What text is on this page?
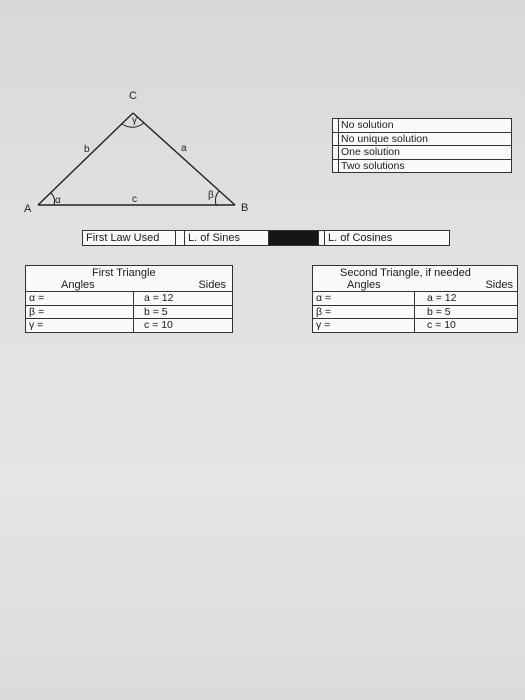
A	B
C
a
b
c
α	β
γ	No solution
No unique solution
One solution
Two solutions
First Law Used	L. of Sines	L. of Cosines
First Triangle
Angles	Sides
α =	a = 12
β =	b = 5
γ =	c = 10
Second Triangle, if needed
Angles	Sides
α =	a = 12
β =	b = 5
γ =	c = 10
